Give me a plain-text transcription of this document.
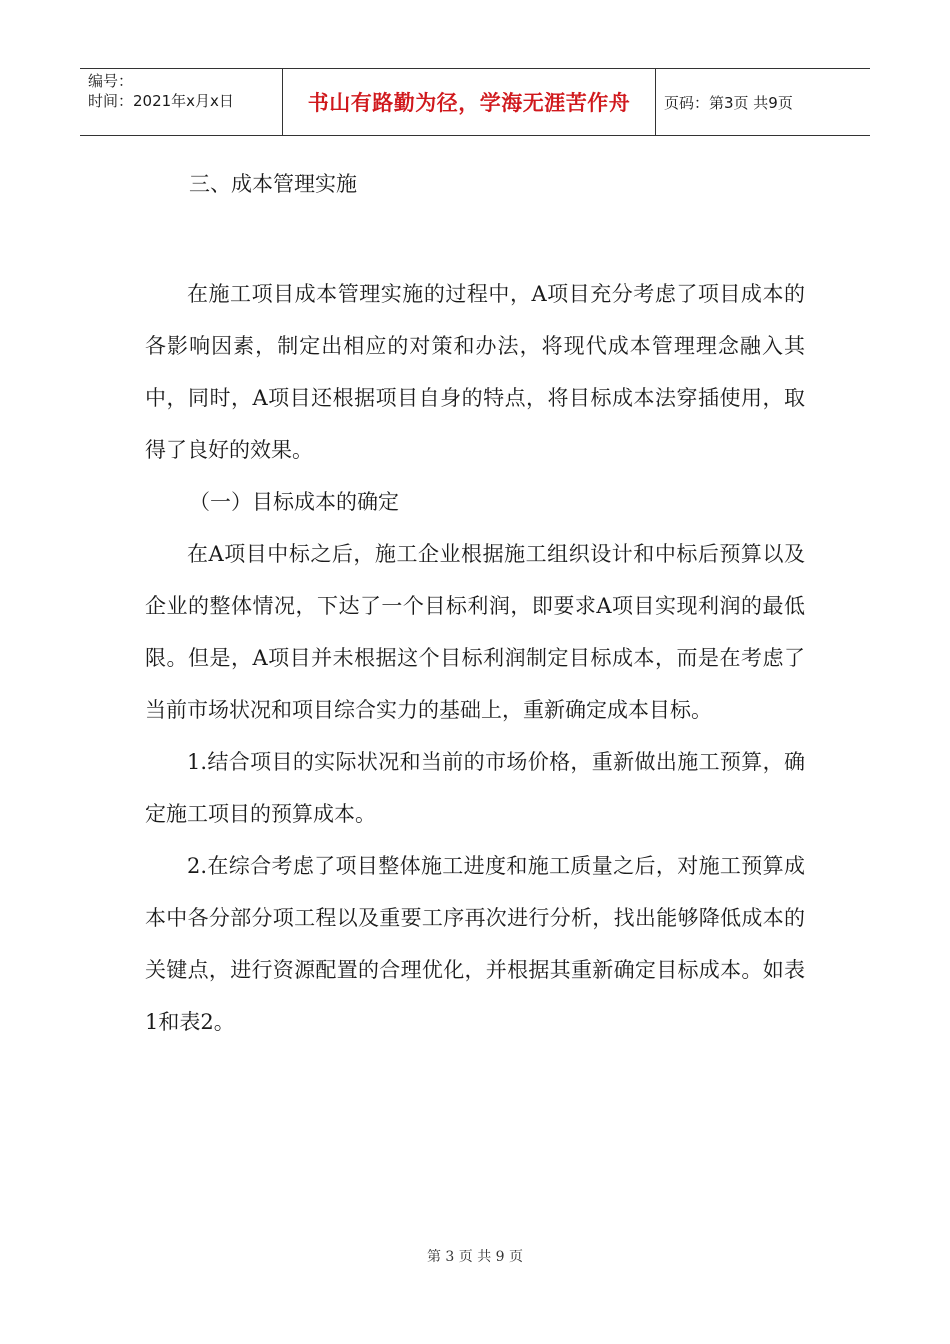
编号：
时间：2021年x月x日	书山有路勤为径，学海无涯苦作舟 页码：第3页 共9页

三、成本管理实施

在施工项目成本管理实施的过程中，A项目充分考虑了项目成本的各影响因素，制定出相应的对策和办法，将现代成本管理理念融入其中，同时，A项目还根据项目自身的特点，将目标成本法穿插使用，取得了良好的效果。

（一）目标成本的确定

在A项目中标之后，施工企业根据施工组织设计和中标后预算以及企业的整体情况，下达了一个目标利润，即要求A项目实现利润的最低限。但是，A项目并未根据这个目标利润制定目标成本，而是在考虑了当前市场状况和项目综合实力的基础上，重新确定成本目标。

1.结合项目的实际状况和当前的市场价格，重新做出施工预算，确定施工项目的预算成本。

2.在综合考虑了项目整体施工进度和施工质量之后，对施工预算成本中各分部分项工程以及重要工序再次进行分析，找出能够降低成本的关键点，进行资源配置的合理优化，并根据其重新确定目标成本。如表1和表2。

第 3 页 共 9 页
